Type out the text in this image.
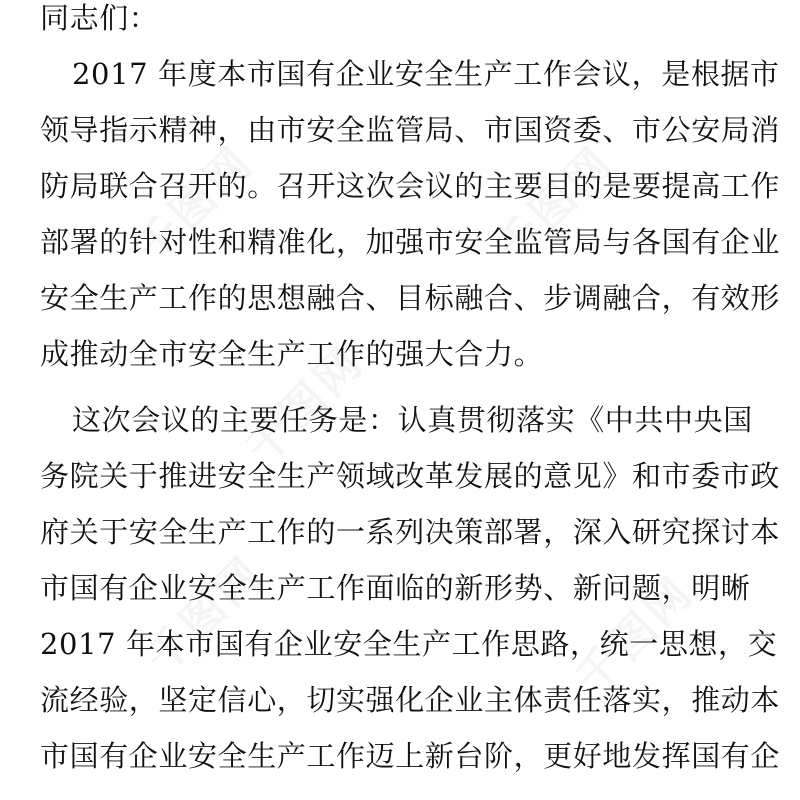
千图网	千图网
千图网
千图网
千图网
同志们：
2017 年度本市国有企业安全生产工作会议，是根据市
领导指示精神，由市安全监管局、市国资委、市公安局消
防局联合召开的。召开这次会议的主要目的是要提高工作
部署的针对性和精准化，加强市安全监管局与各国有企业
安全生产工作的思想融合、目标融合、步调融合，有效形
成推动全市安全生产工作的强大合力。
这次会议的主要任务是：认真贯彻落实《中共中央国
务院关于推进安全生产领域改革发展的意见》和市委市政
府关于安全生产工作的一系列决策部署，深入研究探讨本
市国有企业安全生产工作面临的新形势、新问题，明晰
2017 年本市国有企业安全生产工作思路，统一思想，交
流经验，坚定信心，切实强化企业主体责任落实，推动本
市国有企业安全生产工作迈上新台阶，更好地发挥国有企
